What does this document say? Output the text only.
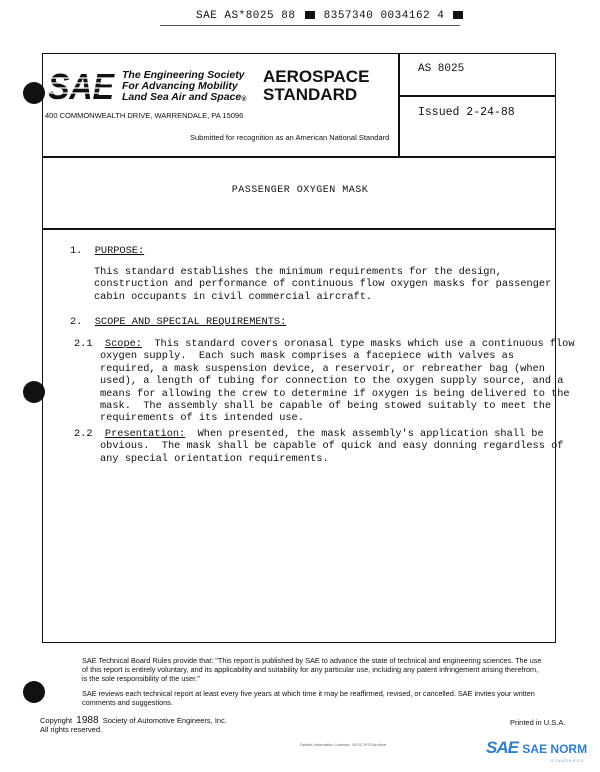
SAE AS*8025 88	8357340 0034162 4
SAE The Engineering Society
For Advancing Mobility
Land Sea Air and Space®
AEROSPACE
STANDARD
400 COMMONWEALTH DRIVE, WARRENDALE, PA 15096
Submitted for recognition as an American National Standard
AS 8025
Issued 2-24-88
PASSENGER OXYGEN MASK
1. PURPOSE:
This standard establishes the minimum requirements for the design,
construction and performance of continuous flow oxygen masks for passenger
cabin occupants in civil commercial aircraft.
2. SCOPE AND SPECIAL REQUIREMENTS:
2.1 Scope:  This standard covers oronasal type masks which use a continuous flow
oxygen supply.  Each such mask comprises a facepiece with valves as
required, a mask suspension device, a reservoir, or rebreather bag (when
used), a length of tubing for connection to the oxygen supply source, and a
means for allowing the crew to determine if oxygen is being delivered to the
mask.  The assembly shall be capable of being stowed suitably to meet the
requirements of its intended use.
2.2 Presentation:  When presented, the mask assembly's application shall be
obvious.  The mask shall be capable of quick and easy donning regardless of
any special orientation requirements.

SAE Technical Board Rules provide that: "This report is published by SAE to advance the state of technical and engineering sciences. The use of this report is entirely voluntary, and its applicability and suitability for any particular use, including any patent infringement arising therefrom, is the sole responsibility of the user."

SAE reviews each technical report at least every five years at which time it may be reaffirmed, revised, or cancelled. SAE invites your written comments and suggestions.

Copyright 1988 Society of Automotive Engineers, Inc.
All rights reserved.
Printed in U.S.A.
Details Information Licensor: 18 01 1970 Archive	SAE SAE NORM
STANDARDS
